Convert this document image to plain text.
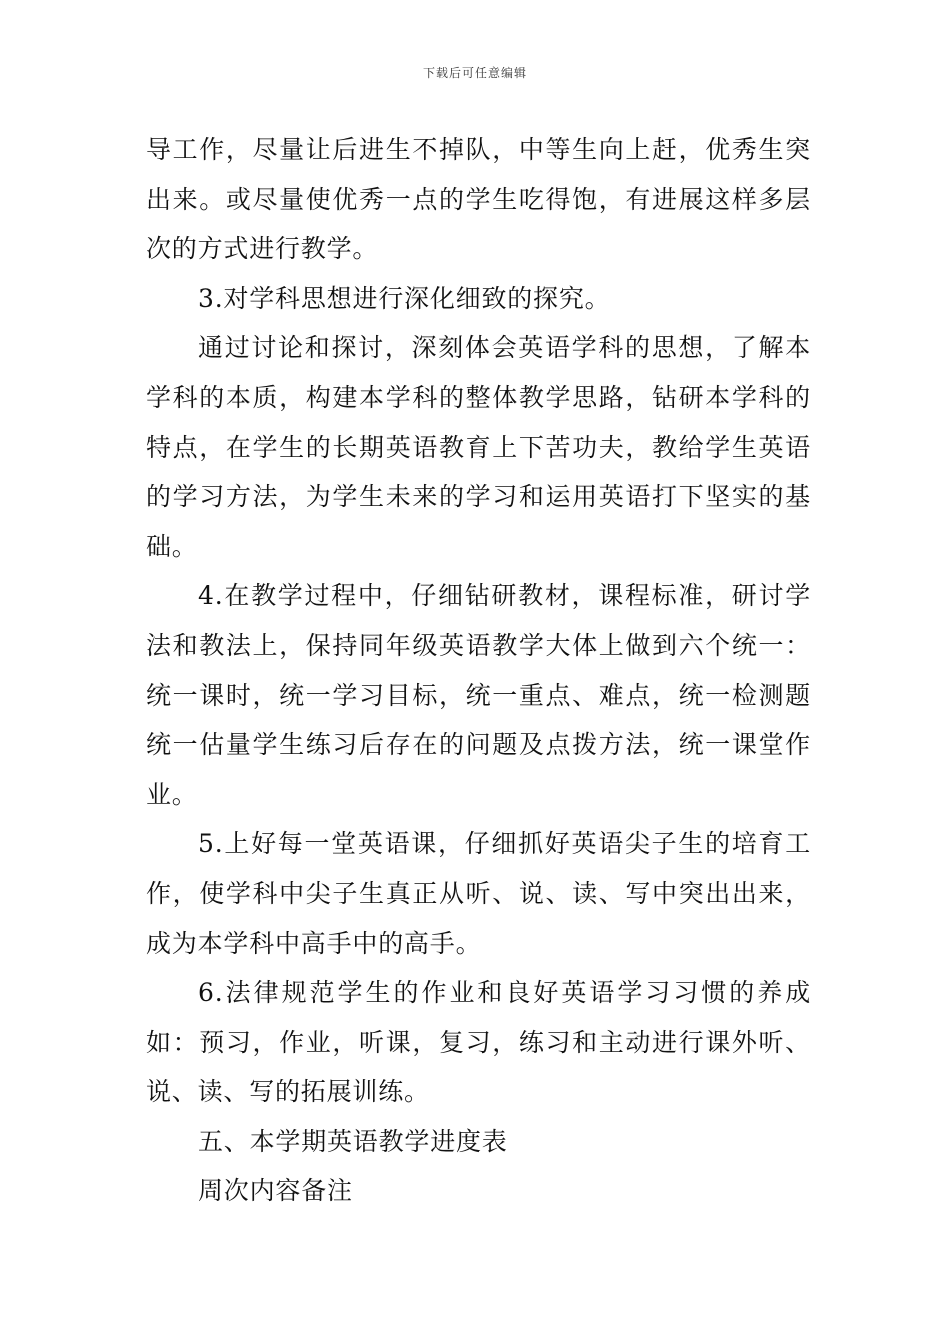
下载后可任意编辑

导工作，尽量让后进生不掉队，中等生向上赶，优秀生突出来。或尽量使优秀一点的学生吃得饱，有进展这样多层次的方式进行教学。

3.对学科思想进行深化细致的探究。

通过讨论和探讨，深刻体会英语学科的思想，了解本学科的本质，构建本学科的整体教学思路，钻研本学科的特点，在学生的长期英语教育上下苦功夫，教给学生英语的学习方法，为学生未来的学习和运用英语打下坚实的基础。

4.在教学过程中，仔细钻研教材，课程标准，研讨学法和教法上，保持同年级英语教学大体上做到六个统一：统一课时，统一学习目标，统一重点、难点，统一检测题统一估量学生练习后存在的问题及点拨方法，统一课堂作业。

5.上好每一堂英语课，仔细抓好英语尖子生的培育工作，使学科中尖子生真正从听、说、读、写中突出出来，成为本学科中高手中的高手。

6.法律规范学生的作业和良好英语学习习惯的养成如：预习，作业，听课，复习，练习和主动进行课外听、说、读、写的拓展训练。

五、本学期英语教学进度表

周次内容备注
